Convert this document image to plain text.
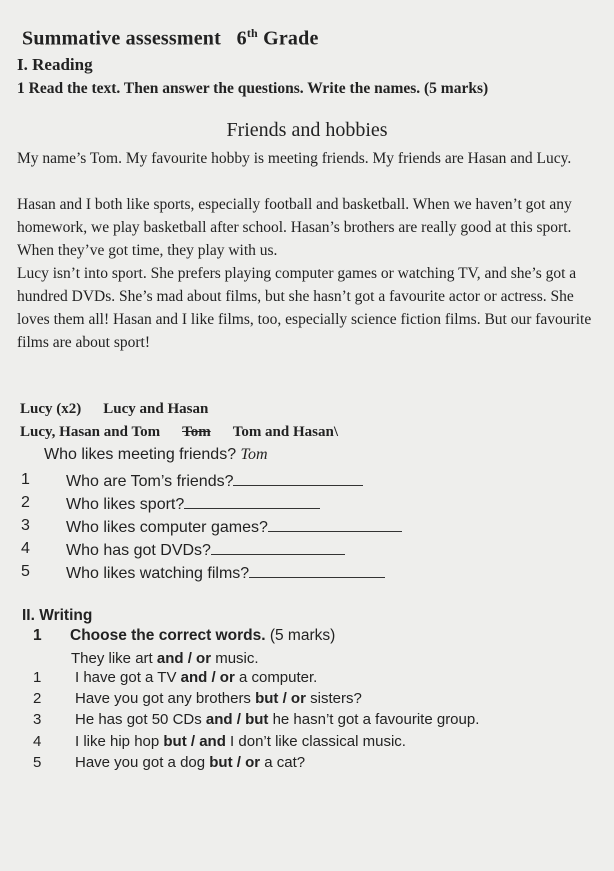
Summative assessment 6th Grade
I. Reading
1 Read the text. Then answer the questions. Write the names. (5 marks)
Friends and hobbies
My name’s Tom. My favourite hobby is meeting friends. My friends are Hasan and Lucy.
Hasan and I both like sports, especially football and basketball. When we haven’t got any homework, we play basketball after school. Hasan’s brothers are really good at this sport. When they’ve got time, they play with us.
Lucy isn’t into sport. She prefers playing computer games or watching TV, and she’s got a hundred DVDs. She’s mad about films, but she hasn’t got a favourite actor or actress. She loves them all! Hasan and I like films, too, especially science fiction films. But our favourite films are about sport!
Lucy (x2) Lucy and Hasan
Lucy, Hasan and Tom Tom Tom and Hasan\
Who likes meeting friends? Tom
1 Who are Tom’s friends?
2 Who likes sport?
3 Who likes computer games?
4 Who has got DVDs?
5 Who likes watching films?
II. Writing
1 Choose the correct words. (5 marks)
They like art and / or music.
1 I have got a TV and / or a computer.
2 Have you got any brothers but / or sisters?
3 He has got 50 CDs and / but he hasn’t got a favourite group.
4 I like hip hop but / and I don’t like classical music.
5 Have you got a dog but / or a cat?
